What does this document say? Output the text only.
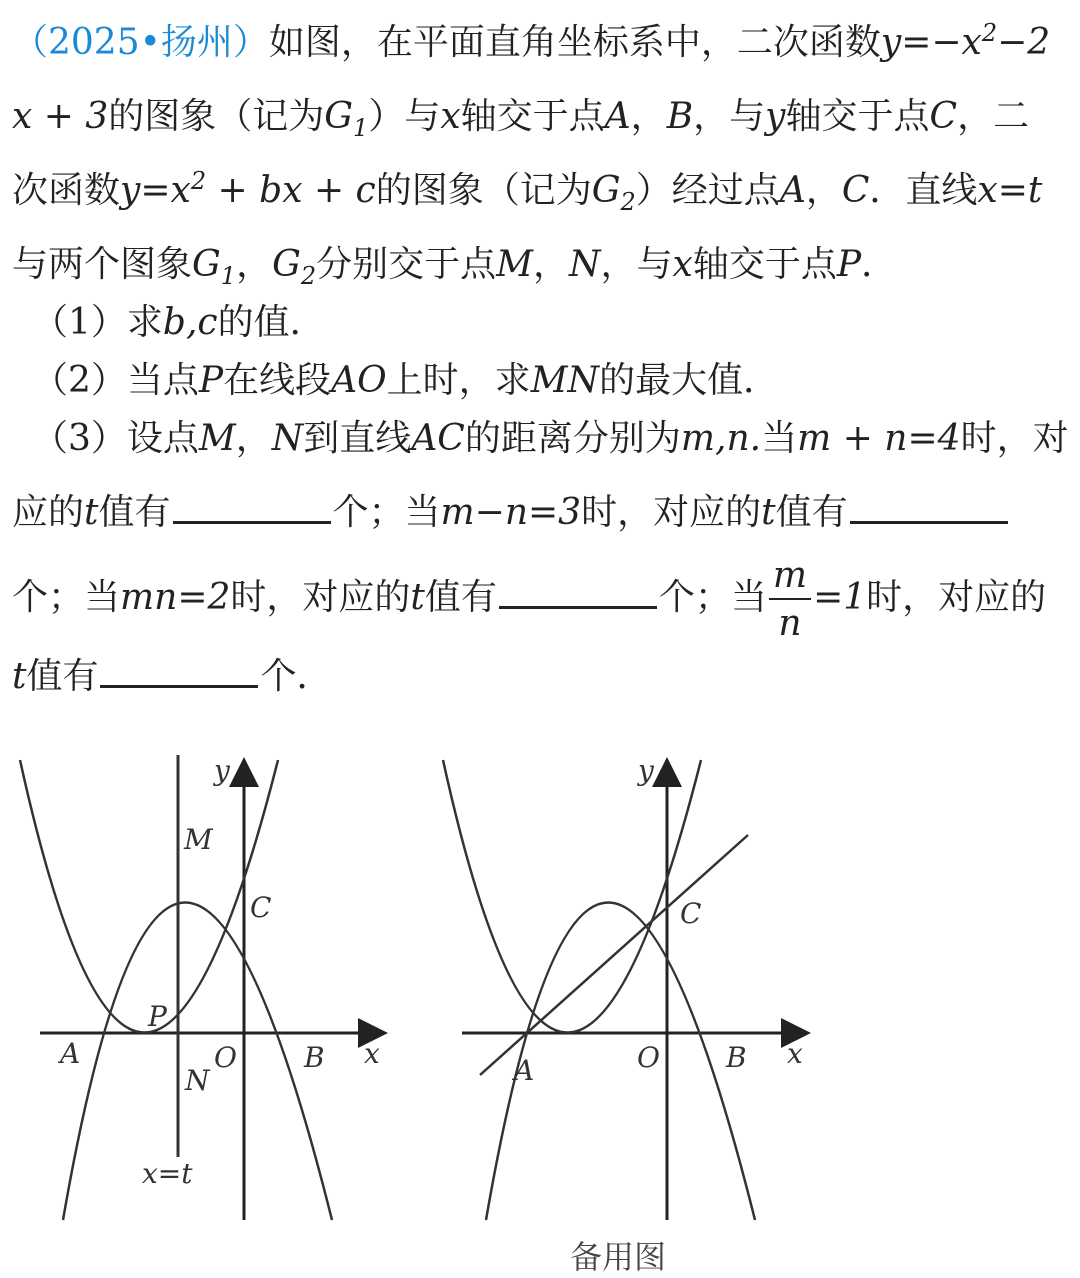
（2025•扬州）如图，在平面直角坐标系中，二次函数$y=-x^2-2$
x + 3的图象（记为$G_1$）与x轴交于点A，B，与y轴交于点C，二
次函数$y=x^2$ + bx + c的图象（记为$G_2$）经过点A，C．直线x=t
与两个图象$G_1$，$G_2$分别交于点M，N，与x轴交于点P．
（1）求b,c的值．
（2）当点P在线段AO上时，求MN的最大值．
（3）设点M，N到直线AC的距离分别为m,n.当m + n=4时，对
应的t值有	个；当m−n=3时，对应的t值有
个；当mn=2时，对应的t值有	个；当 $\frac{m}{n} =1$时，对应的
t值有	个．
y
x
M
C
P
A
N
O B
x=t
y
x
C
A	O B
备用图
